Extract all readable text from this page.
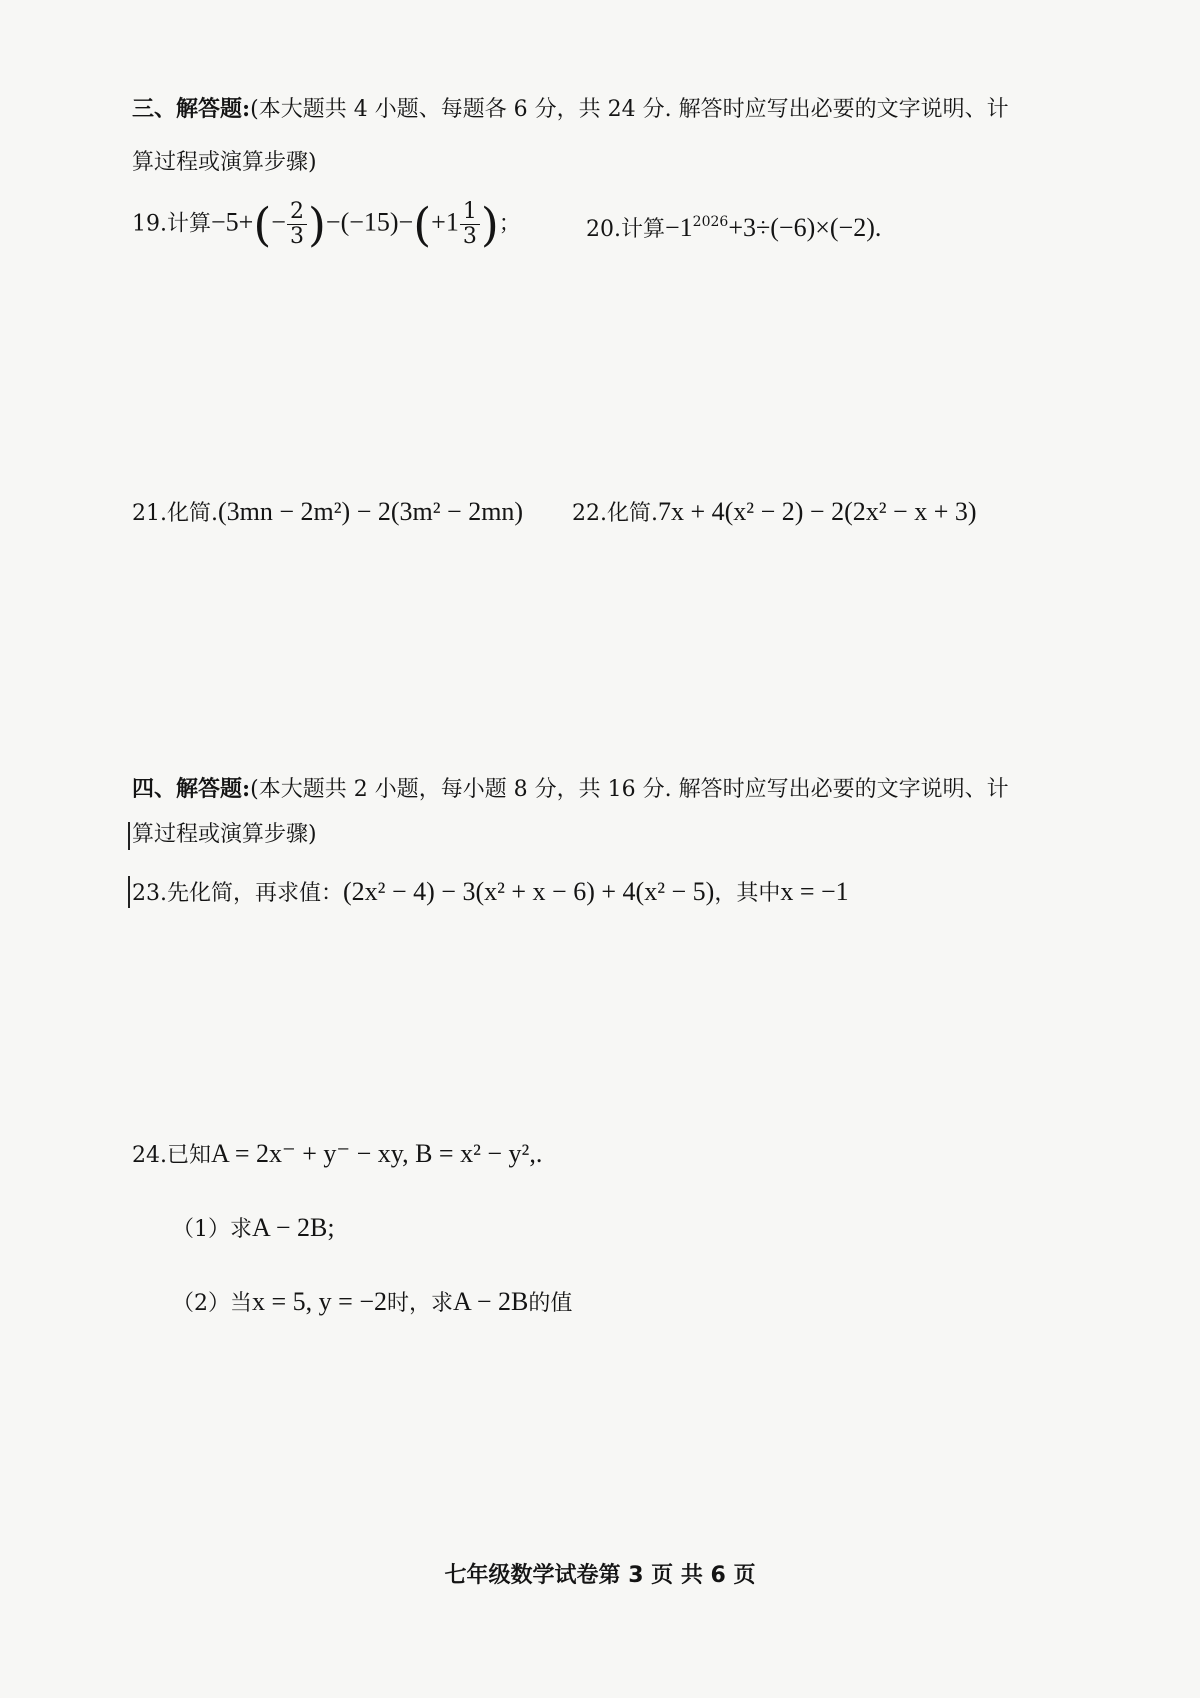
三、解答题:(本大题共 4 小题、每题各 6 分，共 24 分. 解答时应写出必要的文字说明、计
算过程或演算步骤)
19.计算$-5+(- \frac{2}{3} )-(-15)-(+1 \frac{1}{3}$ )；	20.计算$-1^{2026}+3\div(-6)\times(-2)$.
21.化简.(3mn − 2m²) − 2(3m² − 2mn) 22.化简.7x + 4(x² − 2) − 2(2x² − x + 3)
四、解答题:(本大题共 2 小题，每小题 8 分，共 16 分. 解答时应写出必要的文字说明、计
算过程或演算步骤)
23.先化简，再求值：(2x² − 4) − 3(x² + x − 6) + 4(x² − 5)，其中x = −1
24.已知A = 2x⁻ + y⁻ − xy, B = x² − y²,.
（1）求A − 2B;
（2）当x = 5, y = −2时，求A − 2B的值
七年级数学试卷第 3 页 共 6 页
